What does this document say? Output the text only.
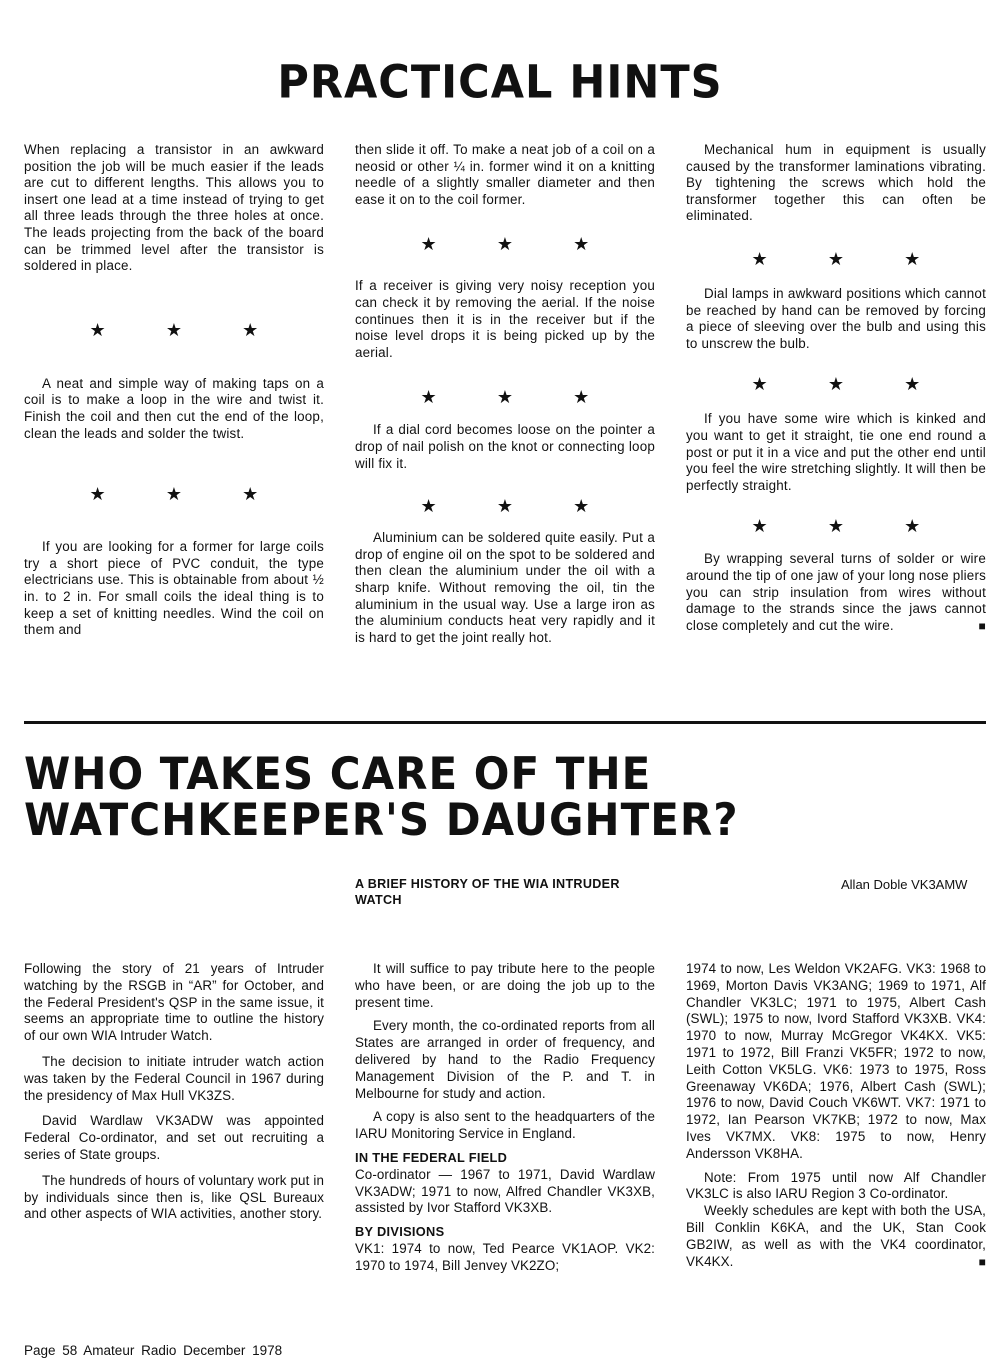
PRACTICAL HINTS

When replacing a transistor in an awkward position the job will be much easier if the leads are cut to different lengths. This allows you to insert one lead at a time instead of trying to get all three leads through the three holes at once. The leads projecting from the back of the board can be trimmed level after the transistor is soldered in place.

★	★	★

A neat and simple way of making taps on a coil is to make a loop in the wire and twist it. Finish the coil and then cut the end of the loop, clean the leads and solder the twist.

★	★	★

If you are looking for a former for large coils try a short piece of PVC conduit, the type electricians use. This is obtainable from about ½ in. to 2 in. For small coils the ideal thing is to keep a set of knitting needles. Wind the coil on them and

then slide it off. To make a neat job of a coil on a neosid or other ¼ in. former wind it on a knitting needle of a slightly smaller diameter and then ease it on to the coil former.

★	★	★

If a receiver is giving very noisy reception you can check it by removing the aerial. If the noise continues then it is in the receiver but if the noise level drops it is being picked up by the aerial.

★	★	★

If a dial cord becomes loose on the pointer a drop of nail polish on the knot or connecting loop will fix it.

★	★	★

Aluminium can be soldered quite easily. Put a drop of engine oil on the spot to be soldered and then clean the aluminium under the oil with a sharp knife. Without removing the oil, tin the aluminium in the usual way. Use a large iron as the aluminium conducts heat very rapidly and it is hard to get the joint really hot.

Mechanical hum in equipment is usually caused by the transformer laminations vibrating. By tightening the screws which hold the transformer together this can often be eliminated.

★	★	★

Dial lamps in awkward positions which cannot be reached by hand can be removed by forcing a piece of sleeving over the bulb and using this to unscrew the bulb.

★	★	★

If you have some wire which is kinked and you want to get it straight, tie one end round a post or put it in a vice and put the other end until you feel the wire stretching slightly. It will then be perfectly straight.

★	★	★

By wrapping several turns of solder or wire around the tip of one jaw of your long nose pliers you can strip insulation from wires without damage to the strands since the jaws cannot close completely and cut the wire.	■

WHO TAKES CARE OF THE
WATCHKEEPER'S DAUGHTER?
A BRIEF HISTORY OF THE WIA INTRUDER WATCH
Allan Doble VK3AMW

Following the story of 21 years of Intruder watching by the RSGB in “AR” for October, and the Federal President's QSP in the same issue, it seems an appropriate time to outline the history of our own WIA Intruder Watch.

The decision to initiate intruder watch action was taken by the Federal Council in 1967 during the presidency of Max Hull VK3ZS.

David Wardlaw VK3ADW was appointed Federal Co-ordinator, and set out recruiting a series of State groups.

The hundreds of hours of voluntary work put in by individuals since then is, like QSL Bureaux and other aspects of WIA activities, another story.

It will suffice to pay tribute here to the people who have been, or are doing the job up to the present time.

Every month, the co-ordinated reports from all States are arranged in order of frequency, and delivered by hand to the Radio Frequency Management Division of the P. and T. in Melbourne for study and action.

A copy is also sent to the headquarters of the IARU Monitoring Service in England.

IN THE FEDERAL FIELD

Co-ordinator — 1967 to 1971, David Wardlaw VK3ADW; 1971 to now, Alfred Chandler VK3XB, assisted by Ivor Stafford VK3XB.

BY DIVISIONS

VK1: 1974 to now, Ted Pearce VK1AOP. VK2: 1970 to 1974, Bill Jenvey VK2ZO;

1974 to now, Les Weldon VK2AFG. VK3: 1968 to 1969, Morton Davis VK3ANG; 1969 to 1971, Alf Chandler VK3LC; 1971 to 1975, Albert Cash (SWL); 1975 to now, Ivord Stafford VK3XB. VK4: 1970 to now, Murray McGregor VK4KX. VK5: 1971 to 1972, Bill Franzi VK5FR; 1972 to now, Leith Cotton VK5LG. VK6: 1973 to 1975, Ross Greenaway VK6DA; 1976, Albert Cash (SWL); 1976 to now, David Couch VK6WT. VK7: 1971 to 1972, Ian Pearson VK7KB; 1972 to now, Max Ives VK7MX. VK8: 1975 to now, Henry Andersson VK8HA.

Note: From 1975 until now Alf Chandler VK3LC is also IARU Region 3 Co-ordinator.

Weekly schedules are kept with both the USA, Bill Conklin K6KA, and the UK, Stan Cook GB2IW, as well as with the VK4 coordinator, VK4KX.	■

Page 58 Amateur Radio December 1978
